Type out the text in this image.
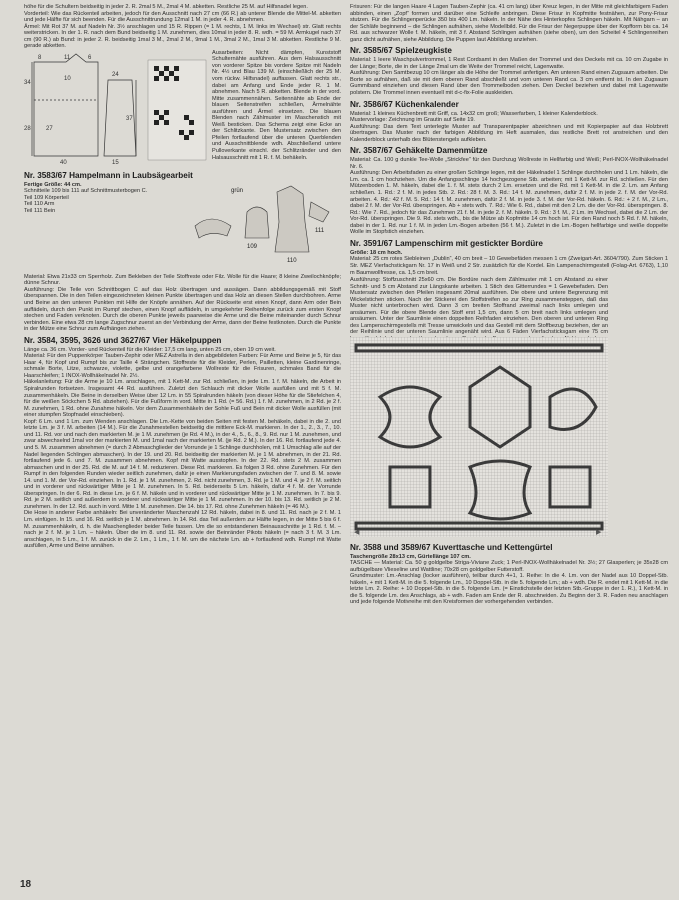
höhe für die Schultern beidseitig in jeder 2. R. 2mal 5 M., 2mal 4 M. abketten. Restliche 25 M. auf Hilfsnadel legen.

Vorderteil: Wie das Rückenteil arbeiten, jedoch für den Ausschnitt nach 27 cm (66 R.) ab unterer Blende die Mittel-M. abketten und jede Hälfte für sich beenden. Für die Ausschnittrundung 12mal 1 M. in jeder 4. R. abnehmen.

Ärmel: Mit Rot 37 M. auf Nadeln Nr. 3½ anschlagen und 15 R. Rippen (= 1 M. rechts, 1 M. links im Wechsel) str. Glatt rechts weiterstricken. In der 1. R. nach dem Bund beidseitig 1 M. zunehmen, dies 10mal in jeder 8. R. wdh. = 59 M. Armkugel nach 37 cm (90 R.) ab Bund: in jeder 2. R. beidseitig 1mal 3 M., 2mal 2 M., 9mal 1 M., 3mal 2 M., 1mal 3 M. abketten. Restliche 9 M. gerade abketten.

8	11	6
34
28
10
40
24
37
15
27

Ausarbeiten: Nicht dämpfen, Kunststoff Schulternähte ausführen. Aus dem Halsausschnitt von vorderer Spitze bis vordere Spitze mit Nadeln Nr. 4½ und Blau 139 M. (einschließlich der 25 M. vom rückw. Hilfsnadel) auffassen. Glatt rechts str., dabei am Anfang und Ende jeder R. 1 M. abnehmen. Nach 5 R. abketten. Blende in der vord. Mitte zusammennähen. Seitennähte ab Ende der blauen Seitenstreifen schließen, Ärmelnähte ausführen und Ärmel einsetzen. Die blauen Blenden nach Zählmuster im Maschenstich mit Weiß besticken. Das Schema zeigt eine Ecke an der Schlitzkante. Den Mustersatz zwischen den Pfeilen fortlaufend über die unteren Querblenden und Ausschnittblende wdh. Abschließend untere Pulloverkante einschl. der Schlitzränder und den Halsausschnitt mit 1 R. f. M. behäkeln.

Nr. 3583/67 Hampelmann in Laubsägearbeit

Fertige Größe: 44 cm.

Schnitteile 109 bis 111 auf Schnittmusterbogen C.

Teil 109 Körperteil

Teil 110 Arm

Teil 111 Bein

grün
109
110
111

Material: Etwa 21x33 cm Sperrholz. Zum Bekleben der Teile Stoffreste oder Filz. Wolle für die Haare; 8 kleine Zweilochknöpfe; dünne Schnur.

Ausführung: Die Teile von Schnittbogen C auf das Holz übertragen und aussägen. Dann abbildungsgemäß mit Stoff überspannen. Die in den Teilen eingezeichneten kleinen Punkte übertragen und das Holz an diesen Stellen durchbohren. Arme und Beine an den unteren Punkten mit Hilfe der Knöpfe annähen. Auf der Rückseite erst einen Knopf, dann Arm oder Bein auffädeln, durch den Punkt im Rumpf stechen, einen Knopf auffädeln, in umgekehrter Reihenfolge zurück zum ersten Knopf stechen und Faden verknoten. Durch die oberen Punkte jeweils paarweise die Arme und die Beine miteinander durch Schnur verbinden. Eine etwa 28 cm lange Zugschnur zuerst an der Verbindung der Arme, dann der Beine festknoten. Durch die Punkte in der Mütze eine Schnur zum Aufhängen ziehen.

Nr. 3584, 3595, 3626 und 3627/67 Vier Häkelpuppen

Länge ca. 36 cm. Vorder- und Rückenteil für die Kleider: 17,5 cm lang, unten 25 cm, oben 19 cm weit.

Material: Für den Puppenkörper Tauben-Zephir oder MEZ Astrella in den abgebildeten Farben: Für Arme und Beine je 5, für das Haar 4, für Kopf und Rumpf bis zur Taille 4 Strängchen. Stoffreste für die Kleider, Perlen, Pailletten, kleine Gardinenringe, schmale Borte, Litze, schwarze, violette, gelbe und orangefarbene Wollreste für die Frisuren, schmales Band für die Haarschleifen; 1 INOX-Wollhäkelnadel Nr. 2½.

Häkelanleitung: Für die Arme je 10 Lm. anschlagen, mit 1 Kett-M. zur Rd. schließen, in jede Lm. 1 f. M. häkeln, die Arbeit in Spiralrunden fortsetzen. Insgesamt 44 Rd. ausführen. Zuletzt den Schlauch mit dicker Wolle ausfüllen und mit 5 f. M. zusammenhäkeln. Die Beine in derselben Weise über 12 Lm. in 55 Spiralrunden häkeln (von dieser Höhe für die Stiefelchen 4, für die weißen Söckchen 5 Rd. abziehen). Für die Fußform in vord. Mitte in 1 Rd. (= 56. Rd.) 1 f. M. zunehmen, in 2 Rd. je 2 f. M. zunehmen, 1 Rd. ohne Zunahme häkeln. Vor dem Zusammenhäkeln der Sohle Fuß und Bein mit dicker Wolle ausfüllen (mit einer stumpfen Stopfnadel einschieben).

Kopf: 6 Lm. und 1 Lm. zum Wenden anschlagen. Die Lm.-Kette von beiden Seiten mit festen M. behäkeln, dabei in die 2. und letzte Lm. je 3 f. M. arbeiten (14 M.). Für die Zunahmestellen beidseitig die mittlere Eck-M. markieren. In der 1., 2., 3., 7., 10. und 11. Rd. vor und nach den markierten M. je 1 M. zunehmen (je Rd. 4 M.), in der 4., 5., 6., 8., 9. Rd. nur 1 M. zunehmen, und zwar abwechselnd 1mal vor der markierten M. und 1mal nach der markierten M. (je Rd. 2 M.). In der 16. Rd. fortlaufend jede 4. und 5. M. zusammen abnehmen (= durch 2 Abmaschglieder der Vorrunde je 1 Schlinge durchholen, mit 1 Umschlag alle auf der Nadel liegenden Schlingen abmaschen). In der 19. und 20. Rd. beidseitig der markierten M. je 1 M. abnehmen, in der 21. Rd. fortlaufend jede 6. und 7. M. zusammen abnehmen. Kopf mit Watte ausstopfen. In der 22. Rd. stets 2 M. zusammen abmaschen und in der 25. Rd. die M. auf 14 f. M. reduzieren. Diese Rd. markieren. Es folgen 3 Rd. ohne Zunehmen. Für den Rumpf in den folgenden Runden wieder seitlich zunehmen, dafür je einen Markierungsfaden zwischen der 7. und 8. M. sowie 14. und 1. M. der Vor-Rd. einziehen. In 1. Rd. je 1 M. zunehmen, 2. Rd. nicht zunehmen, 3. Rd. je 1 M. und 4. je 2 f. M. seitlich und in vorderer und rückwärtiger Mitte je 1 M. zunehmen. In 5. Rd. beiderseits 5 Lm. häkeln, dafür 4 f. M. der Vorrunde überspringen. In der 6. Rd. in diese Lm. je 6 f. M. häkeln und in vorderer und rückwärtiger Mitte je 1 M. zunehmen. In 7. bis 9. Rd. je 2 M. seitlich und außerdem in vorderer und rückwärtiger Mitte je 1 M. zunehmen. In der 10. bis 13. Rd. seitlich je 2 M. zunehmen. In der 12. Rd. auch in vord. Mitte 1 M. zunehmen. Die 14. bis 17. Rd. ohne Zunehmen häkeln (= 46 M.).

Die Hose in anderer Farbe anhäkeln: Bei unveränderter Maschenzahl 12 Rd. häkeln, dabei in 8. und 11. Rd. nach je 2 f. M. 1 Lm. einfügen. In 15. und 16. Rd. seitlich je 1 M. abnehmen. In 14. Rd. das Teil außerdem zur Hälfte legen, in der Mitte 5 bis 6 f. M. zusammenhäkeln, d. h. die Maschenglieder beider Teile fassen. Um die so entstandenen Beinausschnitte je 1 Rd. f. M. – nach je 2 f. M. je 1 Lm. – häkeln. Über die im 8. und 11. Rd. sowie der Beinränder Pikots häkeln (= nach 3 f. M. 3 Lm. anschlagen, in 5 Lm., 1 f. M. zurück in die 2. Lm., 1 Lm., 1 f. M. um die nächste Lm. ab + fortlaufend wdh. Rumpf mit Watte ausfüllen, Arme und Beine annähen.

Frisuren: Für die langen Haare 4 Lagen Tauben-Zephir (ca. 41 cm lang) über Kreuz legen, in der Mitte mit gleichfarbigem Faden abbinden, einen „Zopf“ formen und darüber eine Schleife anbringen. Diese Frisur in Kopfmitte festnähen, zur Pony-Frisur stutzen. Für die Schlingenperücke 350 bis 400 Lm. häkeln. In der Nähe des Hinterkopfes Schlingen häkeln. Mit Nähgarn – an der Schläfe beginnend – die Schlingen aufnähen, siehe Modellbild. Für die Frisur der Negerpuppe über der Kopfform bis ca. 14 Rd. aus schwarzer Wolle f. M. häkeln, mit 3 f. Abstand Schlingen aufnähen (siehe oben), um den Scheitel 4 Schlingenreihen ganz dicht aufnähen, siehe Abbildung. Die Puppen laut Abbildung anziehen.

Nr. 3585/67 Spielzeugkiste

Material: 1 leere Waschpulvertrommel, 1 Rest Cordsamt in den Maßen der Trommel und des Deckels mit ca. 10 cm Zugabe in der Länge; Borte, die in der Länge 2mal um die Weite der Trommel reicht, Lagenwatte.

Ausführung: Den Samtbezug 10 cm länger als die Höhe der Trommel anfertigen. Am unteren Rand einen Zugsaum arbeiten. Die Borte so aufnähen, daß sie mit dem oberen Rand abschließt und vom unteren Rand ca. 3 cm entfernt ist. In den Zugsaum Gummiband einziehen und diesen Rand über den Trommelboden ziehen. Den Deckel beziehen und dabei mit Lagenwatte polstern. Die Trommel innen eventuell mit d-c-fix-Folie auskleiden.

Nr. 3586/67 Küchenkalender

Material: 1 kleines Küchenbrett mit Griff, ca. 14x32 cm groß; Wasserfarben, 1 kleiner Kalenderblock.

Mustervorlage: Zeichnung im Grautin auf Seite 19.

Ausführung: Das dem Text unterlegte Muster auf Transparentpapier abzeichnen und mit Kopierpapier auf das Holzbrett übertragen. Das Muster nach der farbigen Abbildung im Heft ausmalen, das restliche Brett rot anstreichen und den Kalenderblock unterhalb des Blütenstengels aufkleben.

Nr. 3587/67 Gehäkelte Damenmütze

Material: Ca. 100 g dunkle Tee-Wolle „Strickfee“ für den Durchzug Wollreste in Hellfarbig und Weiß; Perl-INOX-Wollhäkelnadel Nr. 6.

Ausführung: Den Arbeitsfaden zu einer großen Schlinge legen, mit der Häkelnadel 1 Schlinge durchholen und 1 Lm. häkeln, die Lm. ca. 1 cm hochziehen. Um die Anfangsschlinge 14 hochgezogene Stb. arbeiten; mit 1 Kett-M. zur Rd. schließen. Für den Mützenboden 1. M. häkeln, dabei die 1. f. M. stets durch 2 Lm. ersetzen und die Rd. mit 1 Kett-M. in die 2. Lm. am Anfang schließen. 1. Rd.: 2 f. M. in jedes Stb. 2. Rd.: 28 f. M. 3. Rd.: 14 f. M. zunehmen, dafür 2 f. M. in jede 2. f. M. der Vor-Rd. arbeiten. 4. Rd.: 42 f. M. 5. Rd.: 14 f. M. zunehmen, dafür 2 f. M. in jede 3. f. M. der Vor-Rd. häkeln. 6. Rd.: + 2 f. M., 2 Lm., dabei 2 f. M. der Vor-Rd. überspringen. Ab + stets wdh. 7. Rd.: Wie 6. Rd., dabei mit den 2 Lm. die der Vor-Rd. überspringen. 8. Rd.: Wie 7. Rd., jedoch für das Zunehmen 21 f. M. in jede 2. f. M. häkeln. 9. Rd.: 3 f. M., 2 Lm. im Wechsel, dabei die 2 Lm. der Vor-Rd. überspringen. Die 9. Rd. stets wdh., bis die Mütze ab Kopfmitte 14 cm hoch ist. Für den Rand noch 5 Rd. f. M. häkeln, dabei in der 1. Rd. nur 1 f. M. in jeden Lm.-Bogen arbeiten (56 f. M.). Zuletzt in die Lm.-Bogen hellfarbige und weiße doppelte Wolle im Stopfstich einziehen.

Nr. 3591/67 Lampenschirm mit gestickter Bordüre

Größe: 18 cm hoch.

Material: 25 cm rotes Siebleinen „Dublin“, 40 cm breit – 10 Gewebefäden messen 1 cm (Zweigart-Art. 3604/790). Zum Sticken 1 Str. MEZ Vierfachstickgarn Nr. 17 in Weiß und 2 Str. zusätzlich für die Kordel. Ein Lampenschirmgestell (Folag-Art. 6763), 1,10 m Baumwollfresse, ca. 1,5 cm breit.

Ausführung: Stoffzuschnitt 25x60 cm. Die Bordüre nach dem Zählmuster mit 1 cm Abstand zu einer Schnitt- und 5 cm Abstand zur Längskante arbeiten. 1 Stich des Gitterrundes = 1 Gewebefaden. Den Mustersatz zwischen den Pfeilen insgesamt 20mal ausführen. Die obere und untere Begrenzung mit Wickelstichen sticken. Nach der Stickerei den Stoffstreifen so zur Ring zusammensteppen, daß das Muster nicht unterbrochen wird. Dann 3 cm breiten Stoffrand zweimal nach links umlegen und ansäumen. Für die obere Blende den Stoff erst 1,5 cm, dann 5 cm breit nach links umlegen und ansäumen. Unter der Saumlinie einen doppelten Reihfaden einziehen. Den oberen und unteren Ring des Lampenschirmgestells mit Tresse umwickeln und das Gestell mit dem Stoffbezug beziehen, der an der Reihlinie und der unteren Saumlinie angenäht wird. Aus 6 Fäden Vierfachsticksgarn eine 75 cm

◀	▶

Nr. 3588 und 3589/67 Kuverttasche und Kettengürtel

Taschengröße 28x13 cm, Gürtellänge 107 cm.

TASCHE — Material: Ca. 50 g goldgelbe Striga-Viviane Zuck; 1 Perl-INOX-Wollhäkelnadel Nr. 3½; 27 Glasperlen; je 35x28 cm aufbügelbare Vlieseline und Wattline; 70x28 cm goldgelber Futterstoff.

Grundmuster: Lm.-Anschlag (locker ausführen), teilbar durch 4+1, 1. Reihe: In die 4. Lm. von der Nadel aus 10 Doppel-Stb. häkeln, + mit 1 Kett-M. in die 5. folgende Lm., 10 Doppel-Stb. in die 5. folgende Lm.; ab + wdh. Die R. endet mit 1 Kett-M. in die letzte Lm. 2. Reihe: + 10 Doppel-Stb. in die 5. folgende Lm. (= Einstichstelle der letzten Stb.-Gruppe in der 1. R.), 1 Kett-M. in die 5. folgende Lm. des Anschlags, ab + wdh. Faden am Ende der R. abschneiden. Zu Beginn der 3. R. Faden neu anschlagen und jede folgende Motivreihe mit den Kreisformen der vorhergehenden verbinden.

18
